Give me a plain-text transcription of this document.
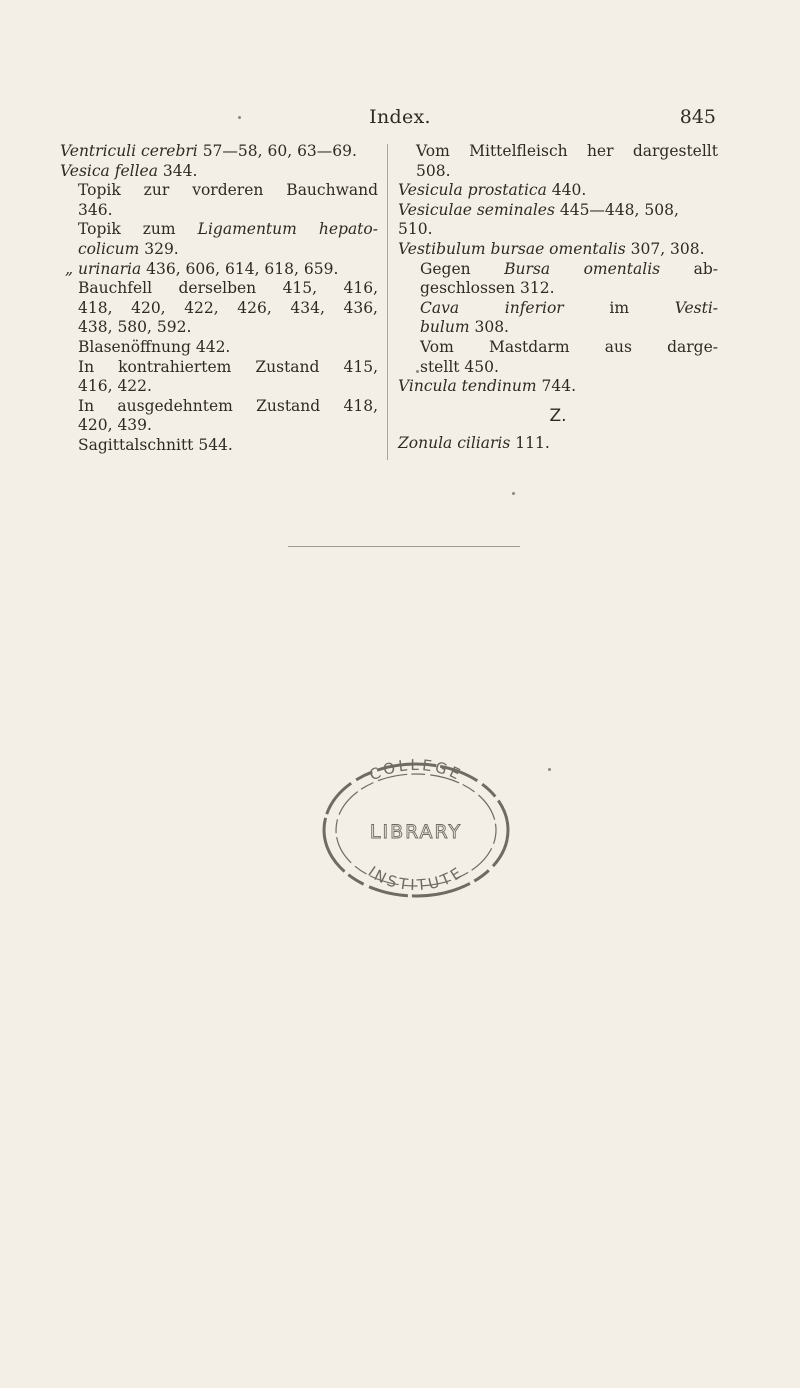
Index.	845
Ventriculi cerebri 57—58, 60, 63—69.
Vesica fellea 344.
Topik zur vorderen Bauchwand
346.
Topik zum Ligamentum hepato-
colicum 329.
„ urinaria 436, 606, 614, 618, 659.
Bauchfell derselben 415, 416,
418, 420, 422, 426, 434, 436,
438, 580, 592.
Blasenöffnung 442.
In kontrahiertem Zustand 415,
416, 422.
In ausgedehntem Zustand 418,
420, 439.
Sagittalschnitt 544.
Vom Mittelfleisch her dargestellt
508.
Vesicula prostatica 440.
Vesiculae seminales 445—448, 508, 510.
Vestibulum bursae omentalis 307, 308.
Gegen Bursa omentalis ab-
geschlossen 312.
Cava inferior im Vesti-
bulum 308.
Vom Mastdarm aus darge-
stellt 450.
Vincula tendinum 744.
Z.
Zonula ciliaris 111.
COLLEGE
LIBRARY
INSTITUTE
